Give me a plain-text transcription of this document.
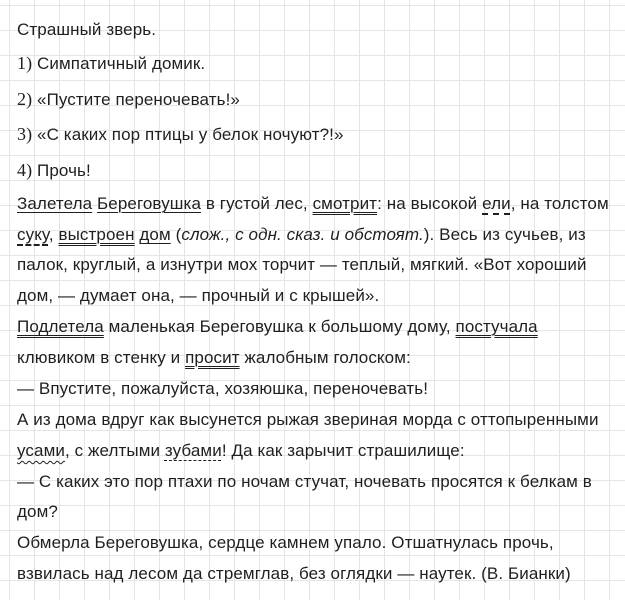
Страшный зверь.
1) Симпатичный домик.
2) «Пустите переночевать!»
3) «С каких пор птицы у белок ночуют?!»
4) Прочь!
Залетела Береговушка в густой лес, смотрит: на высокой ели, на толстом
суку, выстроен дом (слож., с одн. сказ. и обстоят.). Весь из сучьев, из
палок, круглый, а изнутри мох торчит — теплый, мягкий. «Вот хороший
дом, — думает она, — прочный и с крышей».
Подлетела маленькая Береговушка к большому дому, постучала
клювиком в стенку и просит жалобным голоском:
— Впустите, пожалуйста, хозяюшка, переночевать!
А из дома вдруг как высунется рыжая звериная морда с оттопыренными
усами, с желтыми зубами! Да как зарычит страшилище:
— С каких это пор птахи по ночам стучат, ночевать просятся к белкам в
дом?
Обмерла Береговушка, сердце камнем упало. Отшатнулась прочь,
взвилась над лесом да стремглав, без оглядки — наутек. (В. Бианки)
